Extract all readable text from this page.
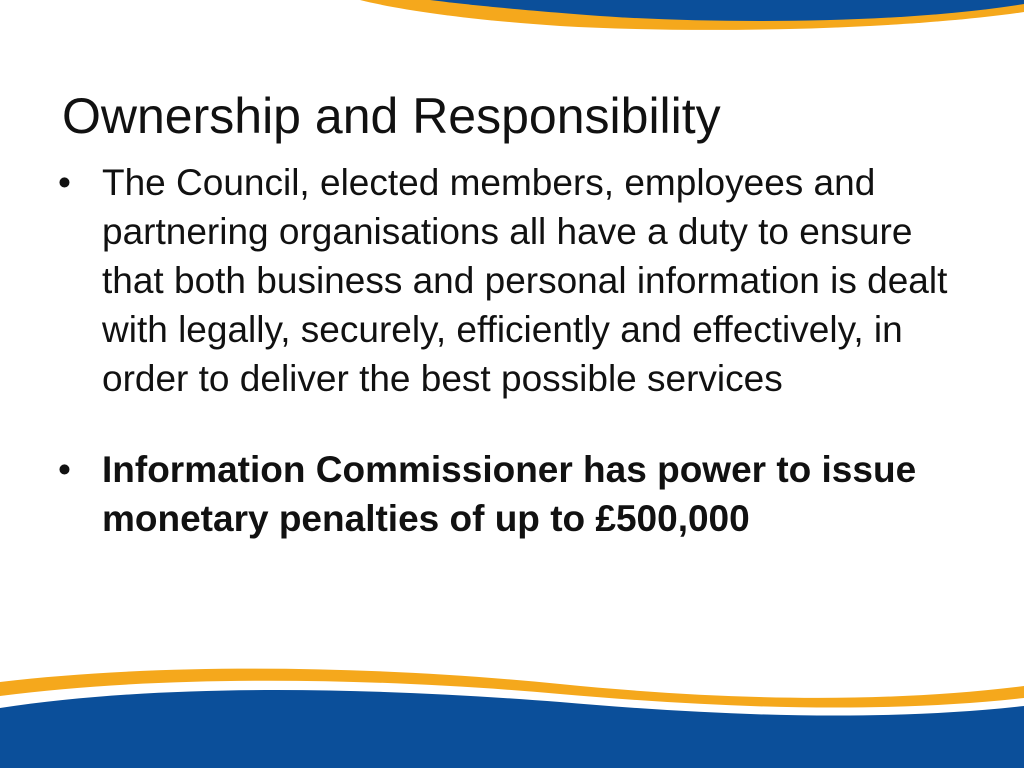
Ownership and Responsibility
• The Council, elected members, employees and partnering organisations all have a duty to ensure that both business and personal information is dealt with legally, securely, efficiently and effectively, in order to deliver the best possible services
• Information Commissioner has power to issue monetary penalties of up to £500,000
